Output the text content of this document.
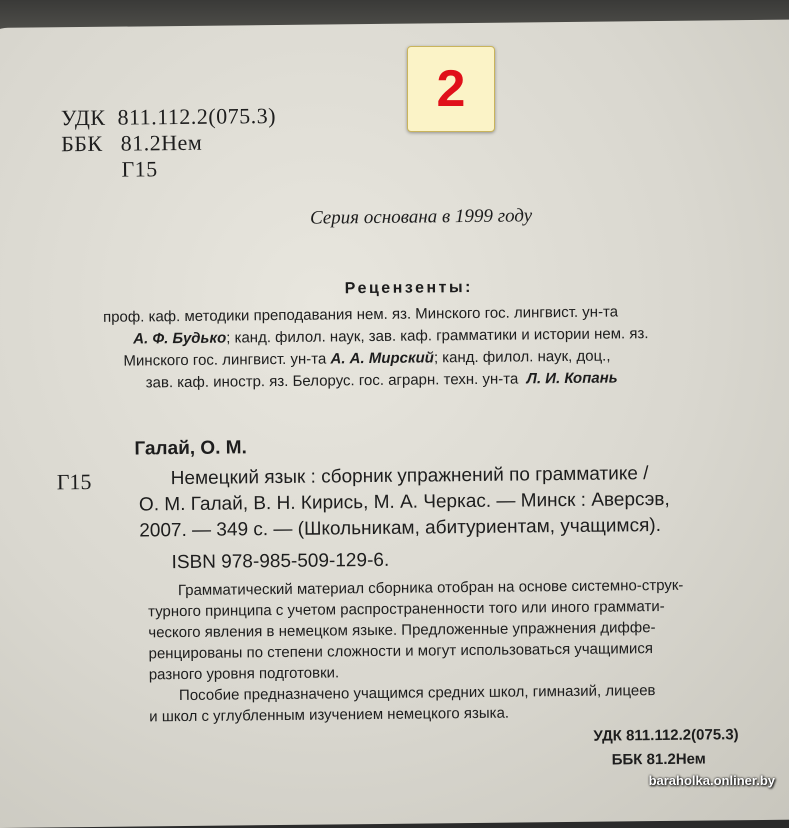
УДК 811.112.2(075.3)
ББК 81.2Нем
Г15
Серия основана в 1999 году
Рецензенты:
проф. каф. методики преподавания нем. яз. Минского гос. лингвист. ун-та
А. Ф. Будько; канд. филол. наук, зав. каф. грамматики и истории нем. яз.
Минского гос. лингвист. ун-та А. А. Мирский; канд. филол. наук, доц.,
зав. каф. иностр. яз. Белорус. гос. аграрн. техн. ун-та Л. И. Копань
Галай, О. М.
Г15	Немецкий язык : сборник упражнений по грамматике /
О. М. Галай, В. Н. Кирись, М. А. Черкас. — Минск : Аверсэв,
2007. — 349 с. — (Школьникам, абитуриентам, учащимся).
ISBN 978-985-509-129-6.
Грамматический материал сборника отобран на основе системно-струк-
турного принципа с учетом распространенности того или иного граммати-
ческого явления в немецком языке. Предложенные упражнения диффе-
ренцированы по степени сложности и могут использоваться учащимися
разного уровня подготовки.
Пособие предназначено учащимся средних школ, гимназий, лицеев
и школ с углубленным изучением немецкого языка.
УДК 811.112.2(075.3)
ББК 81.2Нем
2
baraholka.onliner.by
